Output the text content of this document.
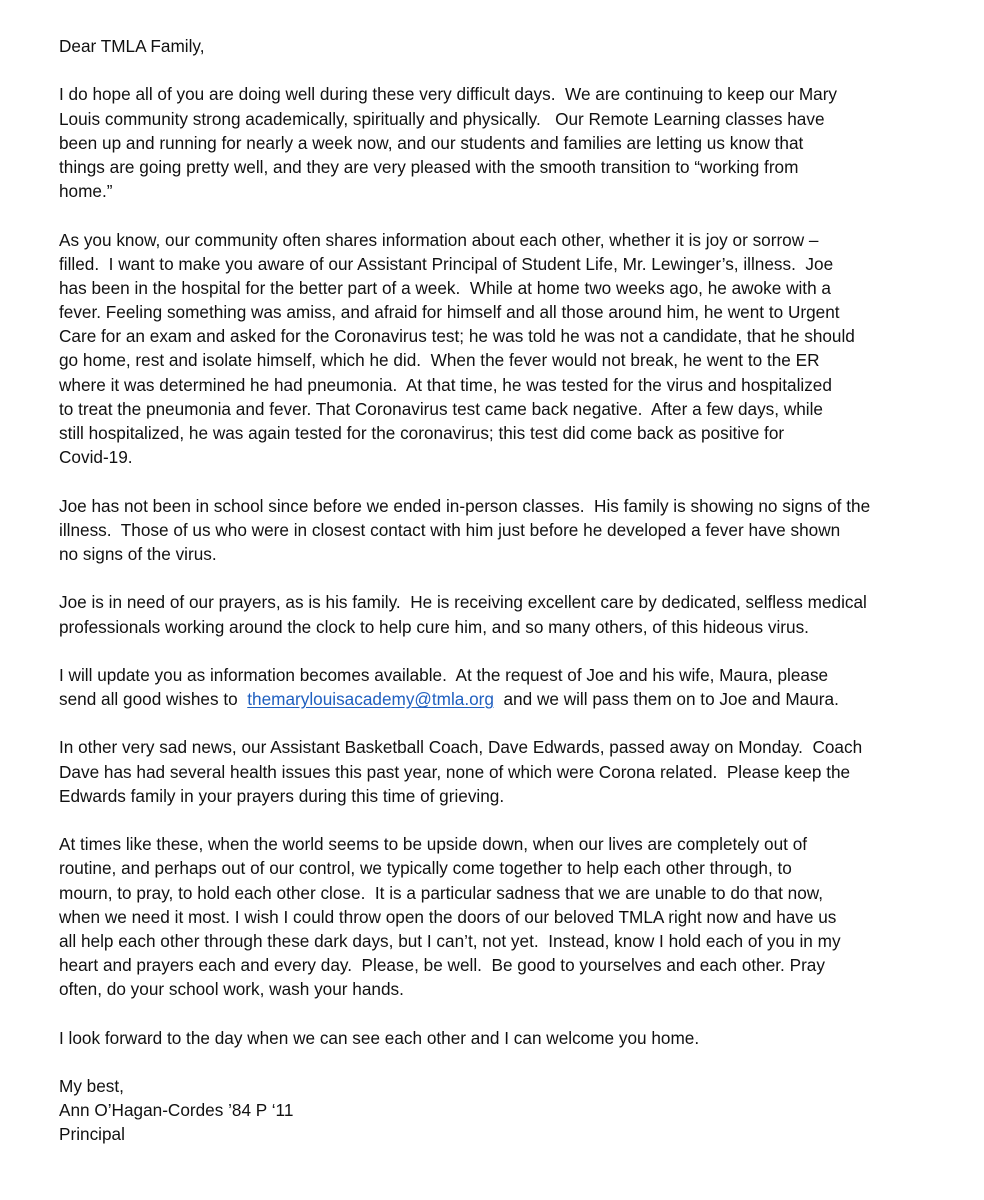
Dear TMLA Family,
I do hope all of you are doing well during these very difficult days.  We are continuing to keep our Mary
Louis community strong academically, spiritually and physically.   Our Remote Learning classes have
been up and running for nearly a week now, and our students and families are letting us know that
things are going pretty well, and they are very pleased with the smooth transition to “working from
home.”
As you know, our community often shares information about each other, whether it is joy or sorrow –
filled.  I want to make you aware of our Assistant Principal of Student Life, Mr. Lewinger’s, illness.  Joe
has been in the hospital for the better part of a week.  While at home two weeks ago, he awoke with a
fever. Feeling something was amiss, and afraid for himself and all those around him, he went to Urgent
Care for an exam and asked for the Coronavirus test; he was told he was not a candidate, that he should
go home, rest and isolate himself, which he did.  When the fever would not break, he went to the ER
where it was determined he had pneumonia.  At that time, he was tested for the virus and hospitalized
to treat the pneumonia and fever. That Coronavirus test came back negative.  After a few days, while
still hospitalized, he was again tested for the coronavirus; this test did come back as positive for
Covid-19.
Joe has not been in school since before we ended in-person classes.  His family is showing no signs of the
illness.  Those of us who were in closest contact with him just before he developed a fever have shown
no signs of the virus.
Joe is in need of our prayers, as is his family.  He is receiving excellent care by dedicated, selfless medical
professionals working around the clock to help cure him, and so many others, of this hideous virus.
I will update you as information becomes available.  At the request of Joe and his wife, Maura, please
send all good wishes to  themarylouisacademy@tmla.org  and we will pass them on to Joe and Maura.
In other very sad news, our Assistant Basketball Coach, Dave Edwards, passed away on Monday.  Coach
Dave has had several health issues this past year, none of which were Corona related.  Please keep the
Edwards family in your prayers during this time of grieving.
At times like these, when the world seems to be upside down, when our lives are completely out of
routine, and perhaps out of our control, we typically come together to help each other through, to
mourn, to pray, to hold each other close.  It is a particular sadness that we are unable to do that now,
when we need it most. I wish I could throw open the doors of our beloved TMLA right now and have us
all help each other through these dark days, but I can’t, not yet.  Instead, know I hold each of you in my
heart and prayers each and every day.  Please, be well.  Be good to yourselves and each other. Pray
often, do your school work, wash your hands.
I look forward to the day when we can see each other and I can welcome you home.
My best,
Ann O’Hagan-Cordes ’84 P ‘11
Principal
